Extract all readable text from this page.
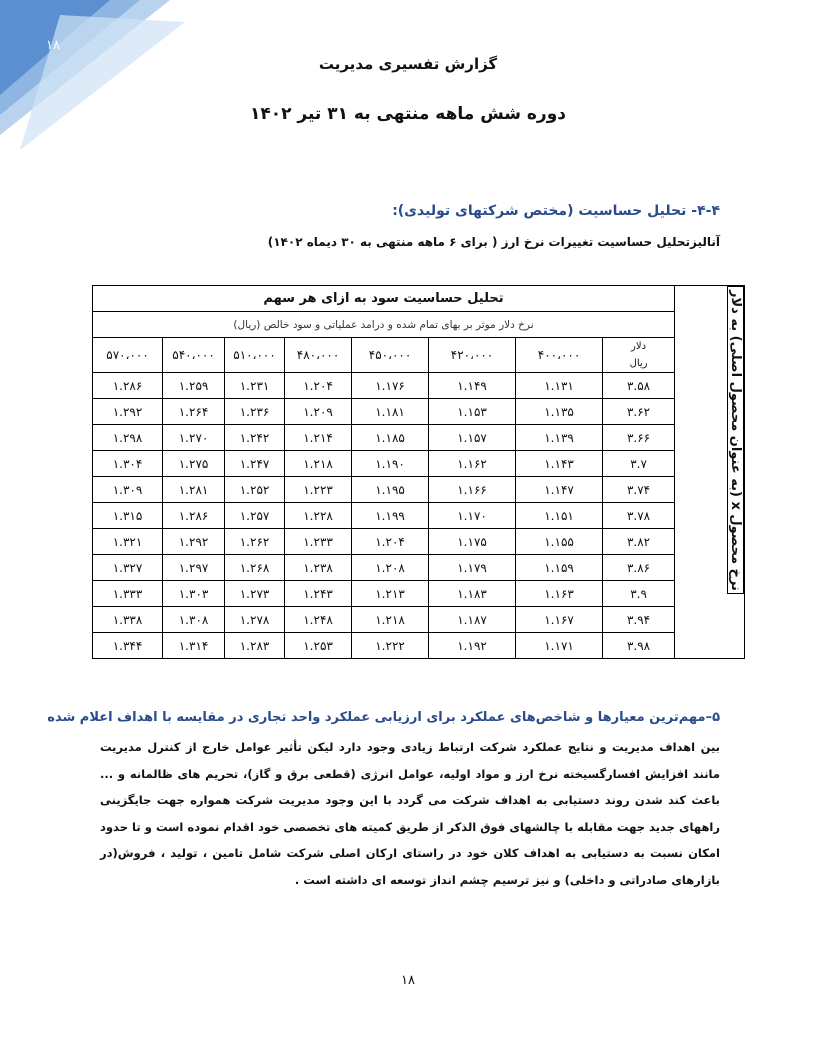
۱۸
گزارش تفسیری مدیریت
دوره شش ماهه منتهی به ۳۱ تیر ۱۴۰۲
۴-۴- تحلیل حساسیت (مختص شرکتهای تولیدی):
آنالیزتحلیل حساسیت تغییرات نرخ ارز ( برای ۶ ماهه منتهی به ۳۰ دیماه ۱۴۰۲)
نرخ محصول x (به عنوان محصول اصلی) به دلار	تحلیل حساسیت سود به ازای هر سهم							
	نرخ دلار موثر بر بهای تمام شده و درامد عملیاتی و سود خالص (ریال)							

	دلار
ریال	۴۰۰،۰۰۰	۴۲۰،۰۰۰	۴۵۰،۰۰۰	۴۸۰،۰۰۰	۵۱۰،۰۰۰	۵۴۰،۰۰۰	۵۷۰،۰۰۰
	۳.۵۸	۱.۱۳۱	۱.۱۴۹	۱.۱۷۶	۱.۲۰۴	۱.۲۳۱	۱.۲۵۹	۱.۲۸۶
	۳.۶۲	۱.۱۳۵	۱.۱۵۳	۱.۱۸۱	۱.۲۰۹	۱.۲۳۶	۱.۲۶۴	۱.۲۹۲
	۳.۶۶	۱.۱۳۹	۱.۱۵۷	۱.۱۸۵	۱.۲۱۴	۱.۲۴۲	۱.۲۷۰	۱.۲۹۸
	۳.۷	۱.۱۴۳	۱.۱۶۲	۱.۱۹۰	۱.۲۱۸	۱.۲۴۷	۱.۲۷۵	۱.۳۰۴
	۳.۷۴	۱.۱۴۷	۱.۱۶۶	۱.۱۹۵	۱.۲۲۳	۱.۲۵۲	۱.۲۸۱	۱.۳۰۹
	۳.۷۸	۱.۱۵۱	۱.۱۷۰	۱.۱۹۹	۱.۲۲۸	۱.۲۵۷	۱.۲۸۶	۱.۳۱۵
	۳.۸۲	۱.۱۵۵	۱.۱۷۵	۱.۲۰۴	۱.۲۳۳	۱.۲۶۲	۱.۲۹۲	۱.۳۲۱
	۳.۸۶	۱.۱۵۹	۱.۱۷۹	۱.۲۰۸	۱.۲۳۸	۱.۲۶۸	۱.۲۹۷	۱.۳۲۷
	۳.۹	۱.۱۶۳	۱.۱۸۳	۱.۲۱۳	۱.۲۴۳	۱.۲۷۳	۱.۳۰۳	۱.۳۳۳
	۳.۹۴	۱.۱۶۷	۱.۱۸۷	۱.۲۱۸	۱.۲۴۸	۱.۲۷۸	۱.۳۰۸	۱.۳۳۸
	۳.۹۸	۱.۱۷۱	۱.۱۹۲	۱.۲۲۲	۱.۲۵۳	۱.۲۸۳	۱.۳۱۴	۱.۳۴۴
۵–مهم‌ترین معیارها و شاخص‌های عملکرد برای ارزیابی عملکرد واحد تجاری در مقایسه با اهداف اعلام شده
بین اهداف مدیریت و نتایج عملکرد شرکت ارتباط زیادی وجود دارد لیکن تأثیر عوامل خارج از کنترل مدیریت مانند افزایش افسارگسیخته نرخ ارز و مواد اولیه، عوامل انرژی (قطعی برق و گاز)، تحریم های ظالمانه و ... باعث کند شدن روند دستیابی به اهداف شرکت می گردد با این وجود مدیریت شرکت همواره جهت جایگزینی راههای جدید جهت مقابله با چالشهای فوق الذکر از طریق کمیته های تخصصی خود اقدام نموده است و تا حدود امکان نسبت به دستیابی به اهداف کلان خود در راستای ارکان اصلی شرکت شامل تامین ، تولید ، فروش(در بازارهای صادراتی و داخلی) و نیز ترسیم چشم انداز توسعه ای داشته است .
۱۸
